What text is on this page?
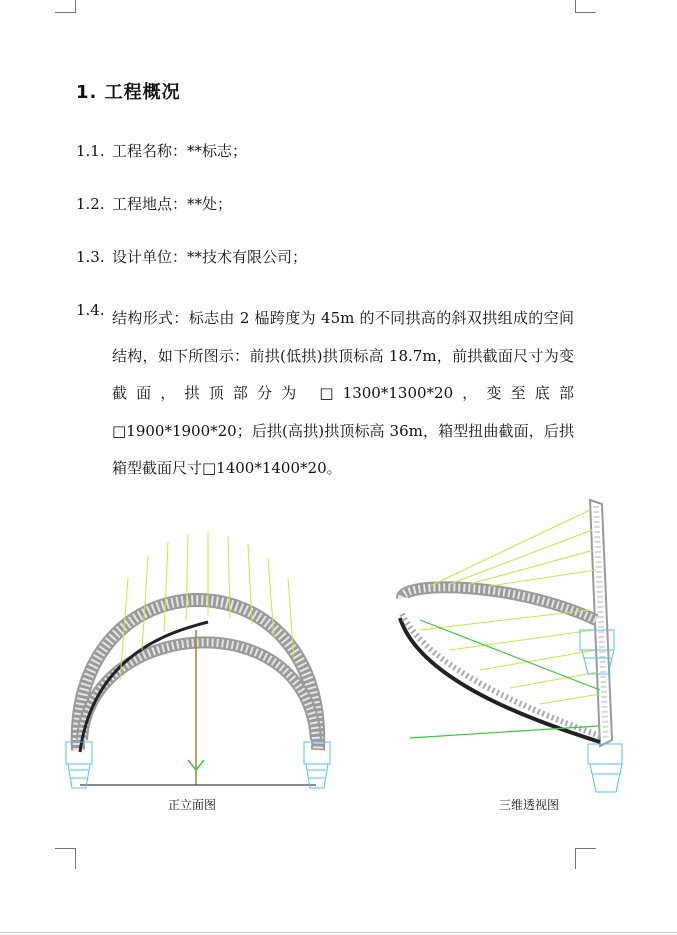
1. 工程概况
1.1. 工程名称：**标志；
1.2. 工程地点：**处；
1.3. 设计单位：**技术有限公司；
1.4. 结构形式：标志由 2 榀跨度为 45m 的不同拱高的斜双拱组成的空间结构，如下所图示：前拱(低拱)拱顶标高 18.7m，前拱截面尺寸为变截面，拱顶部分为 □1300*1300*20，变至底部 □1900*1900*20；后拱(高拱)拱顶标高 36m，箱型扭曲截面，后拱箱型截面尺寸□1400*1400*20。
正立面图	三维透视图
